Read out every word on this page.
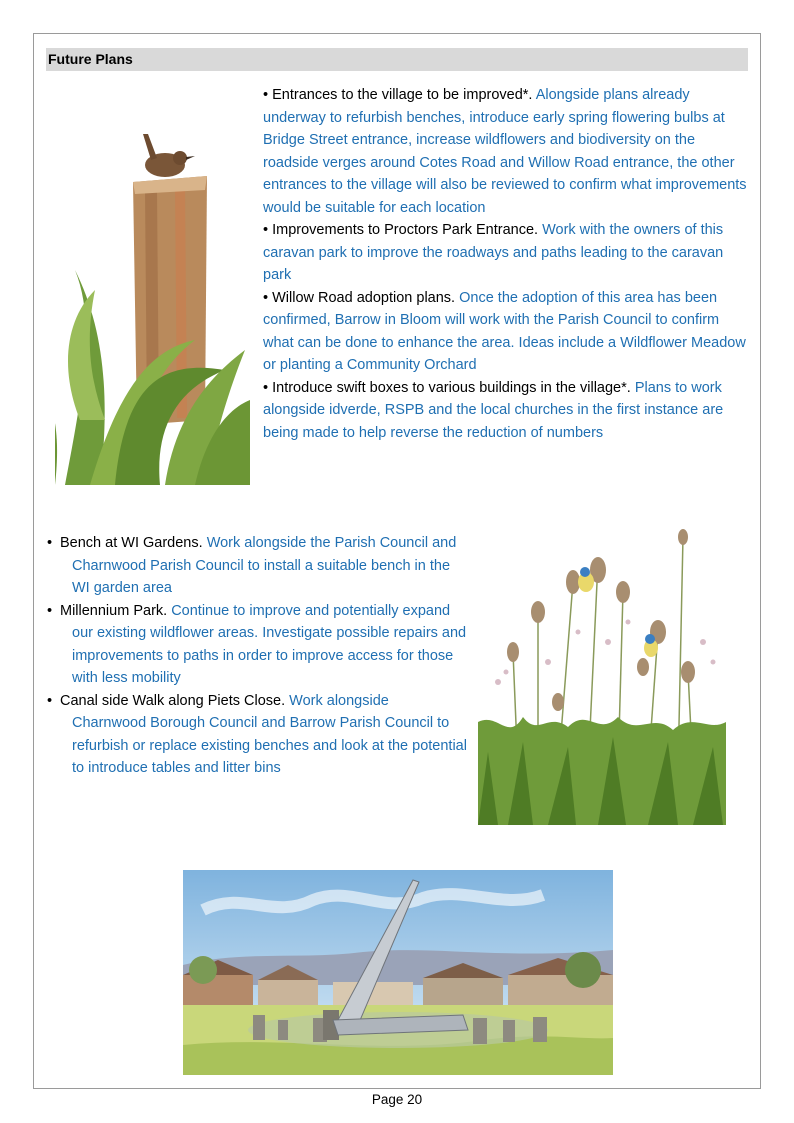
Future Plans

• Entrances to the village to be improved*. Alongside plans already underway to refurbish benches, introduce early spring flowering bulbs at Bridge Street entrance, increase wildflowers and biodiversity on the roadside verges around Cotes Road and Willow Road entrance, the other entrances to the village will also be reviewed to confirm what improvements would be suitable for each location

• Improvements to Proctors Park Entrance. Work with the owners of this caravan park to improve the roadways and paths leading to the caravan park

• Willow Road adoption plans. Once the adoption of this area has been confirmed, Barrow in Bloom will work with the Parish Council to confirm what can be done to enhance the area. Ideas include a Wildflower Meadow or planting a Community Orchard

• Introduce swift boxes to various buildings in the village*. Plans to work alongside idverde, RSPB and the local churches in the first instance are being made to help reverse the reduction of numbers

• Bench at WI Gardens. Work alongside the Parish Council and Charnwood Parish Council to install a suitable bench in the WI garden area

• Millennium Park. Continue to improve and potentially expand our existing wildflower areas. Investigate possible repairs and improvements to paths in order to improve access for those with less mobility

• Canal side Walk along Piets Close. Work alongside Charnwood Borough Council and Barrow Parish Council to refurbish or replace existing benches and look at the potential to introduce tables and litter bins

Page 20
